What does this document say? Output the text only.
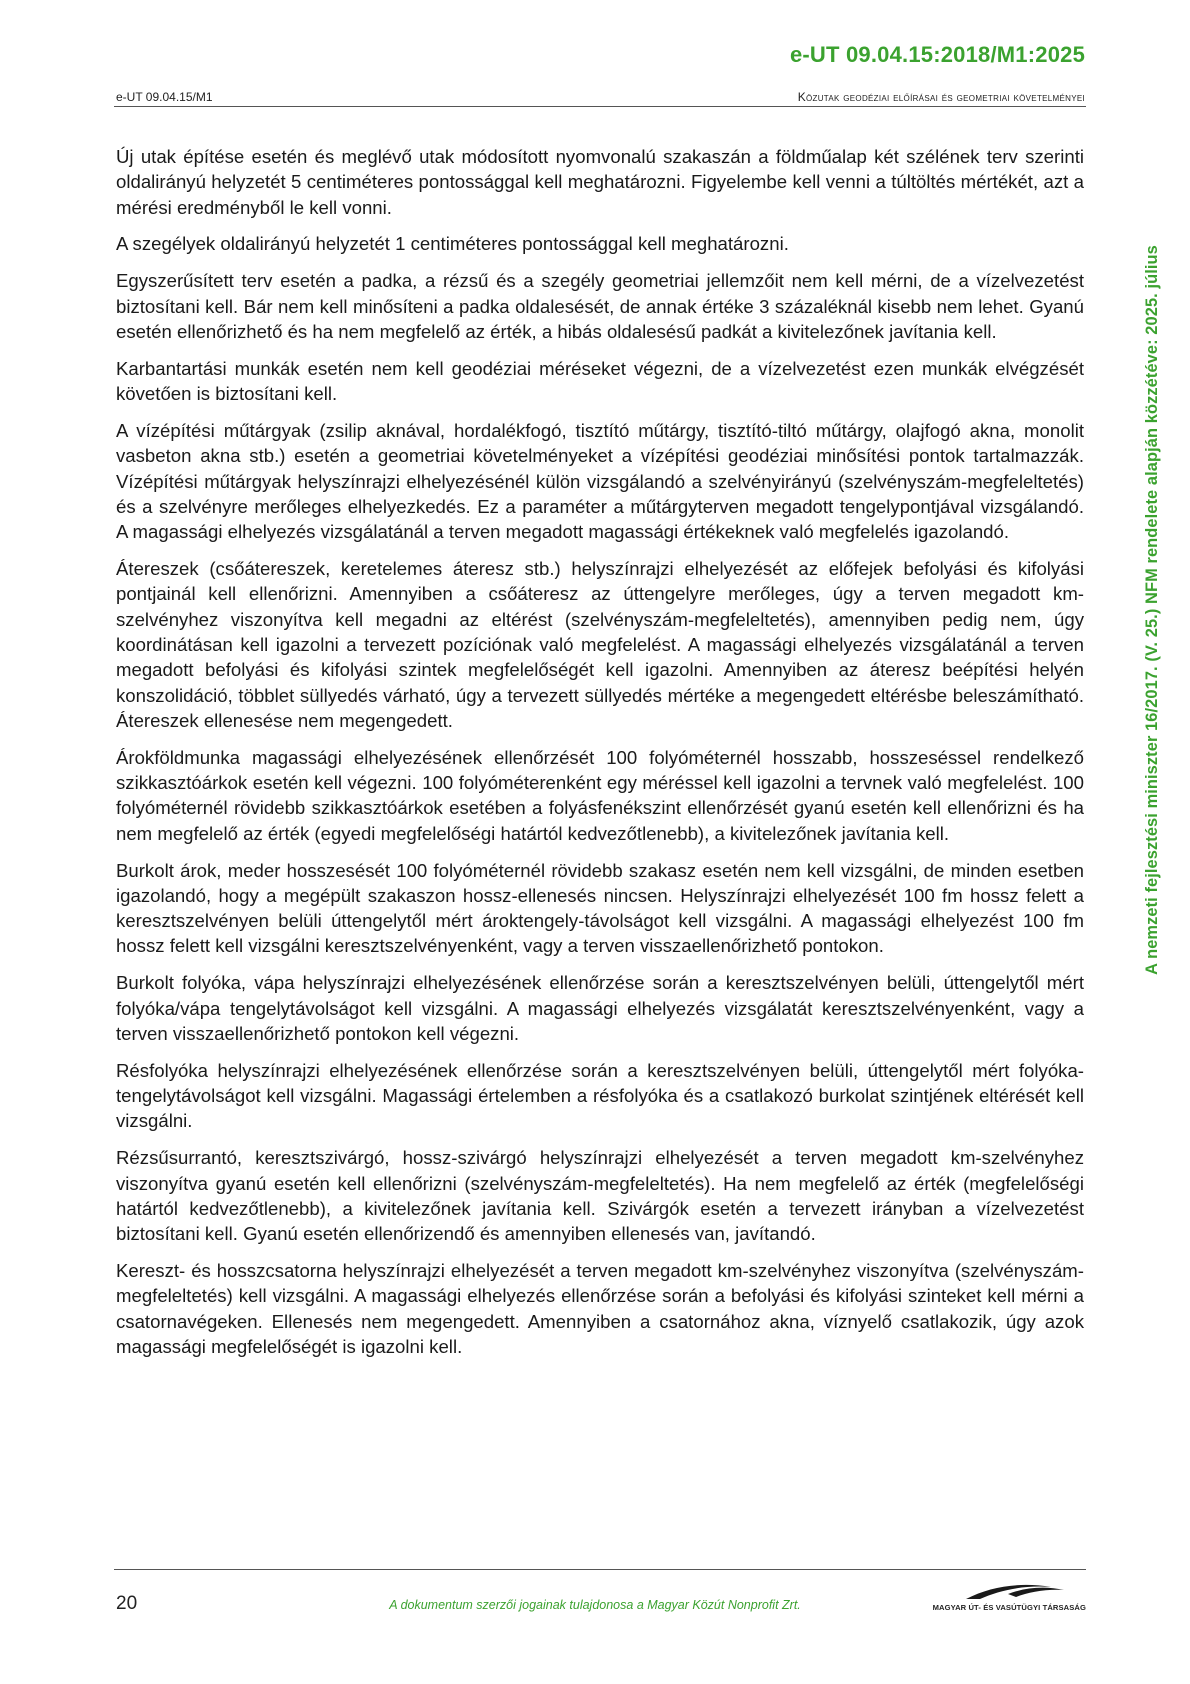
e-UT 09.04.15:2018/M1:2025
e-UT 09.04.15/M1	Közutak geodéziai előírásai és geometriai követelményei

Új utak építése esetén és meglévő utak módosított nyomvonalú szakaszán a földműalap két szélének terv szerinti oldalirányú helyzetét 5 centiméteres pontossággal kell meghatározni. Figyelembe kell venni a túltöltés mértékét, azt a mérési eredményből le kell vonni.

A szegélyek oldalirányú helyzetét 1 centiméteres pontossággal kell meghatározni.

Egyszerűsített terv esetén a padka, a rézsű és a szegély geometriai jellemzőit nem kell mérni, de a vízelvezetést biztosítani kell. Bár nem kell minősíteni a padka oldalesését, de annak értéke 3 százaléknál kisebb nem lehet. Gyanú esetén ellenőrizhető és ha nem megfelelő az érték, a hibás oldalesésű padkát a kivitelezőnek javítania kell.

Karbantartási munkák esetén nem kell geodéziai méréseket végezni, de a vízelvezetést ezen munkák elvégzését követően is biztosítani kell.

A vízépítési műtárgyak (zsilip aknával, hordalékfogó, tisztító műtárgy, tisztító-tiltó műtárgy, olajfogó akna, monolit vasbeton akna stb.) esetén a geometriai követelményeket a vízépítési geodéziai minősítési pontok tartalmazzák. Vízépítési műtárgyak helyszínrajzi elhelyezésénél külön vizsgálandó a szelvényirányú (szelvényszám-megfeleltetés) és a szelvényre merőleges elhelyezkedés. Ez a paraméter a műtárgyterven megadott tengelypontjával vizsgálandó. A magassági elhelyezés vizsgálatánál a terven megadott magassági értékeknek való megfelelés igazolandó.

Átereszek (csőátereszek, keretelemes áteresz stb.) helyszínrajzi elhelyezését az előfejek befolyási és kifolyási pontjainál kell ellenőrizni. Amennyiben a csőáteresz az úttengelyre merőleges, úgy a terven megadott km-szelvényhez viszonyítva kell megadni az eltérést (szelvényszám-megfeleltetés), amennyiben pedig nem, úgy koordinátásan kell igazolni a tervezett pozíciónak való megfelelést. A magassági elhelyezés vizsgálatánál a terven megadott befolyási és kifolyási szintek megfelelőségét kell igazolni. Amennyiben az áteresz beépítési helyén konszolidáció, többlet süllyedés várható, úgy a tervezett süllyedés mértéke a megengedett eltérésbe beleszámítható. Átereszek ellenesése nem megengedett.

Árokföldmunka magassági elhelyezésének ellenőrzését 100 folyóméternél hosszabb, hosszeséssel rendelkező szikkasztóárkok esetén kell végezni. 100 folyóméterenként egy méréssel kell igazolni a tervnek való megfelelést. 100 folyóméternél rövidebb szikkasztóárkok esetében a folyásfenékszint ellenőrzését gyanú esetén kell ellenőrizni és ha nem megfelelő az érték (egyedi megfelelőségi határtól kedvezőtlenebb), a kivitelezőnek javítania kell.

Burkolt árok, meder hosszesését 100 folyóméternél rövidebb szakasz esetén nem kell vizsgálni, de minden esetben igazolandó, hogy a megépült szakaszon hossz-ellenesés nincsen. Helyszínrajzi elhelyezését 100 fm hossz felett a keresztszelvényen belüli úttengelytől mért ároktengely-távolságot kell vizsgálni. A magassági elhelyezést 100 fm hossz felett kell vizsgálni keresztszelvényenként, vagy a terven visszaellenőrizhető pontokon.

Burkolt folyóka, vápa helyszínrajzi elhelyezésének ellenőrzése során a keresztszelvényen belüli, úttengelytől mért folyóka/vápa tengelytávolságot kell vizsgálni. A magassági elhelyezés vizsgálatát keresztszelvényenként, vagy a terven visszaellenőrizhető pontokon kell végezni.

Résfolyóka helyszínrajzi elhelyezésének ellenőrzése során a keresztszelvényen belüli, úttengelytől mért folyóka-tengelytávolságot kell vizsgálni. Magassági értelemben a résfolyóka és a csatlakozó burkolat szintjének eltérését kell vizsgálni.

Rézsűsurrantó, keresztszivárgó, hossz-szivárgó helyszínrajzi elhelyezését a terven megadott km-szelvényhez viszonyítva gyanú esetén kell ellenőrizni (szelvényszám-megfeleltetés). Ha nem megfelelő az érték (megfelelőségi határtól kedvezőtlenebb), a kivitelezőnek javítania kell. Szivárgók esetén a tervezett irányban a vízelvezetést biztosítani kell. Gyanú esetén ellenőrizendő és amennyiben ellenesés van, javítandó.

Kereszt- és hosszcsatorna helyszínrajzi elhelyezését a terven megadott km-szelvényhez viszonyítva (szelvényszám-megfeleltetés) kell vizsgálni. A magassági elhelyezés ellenőrzése során a befolyási és kifolyási szinteket kell mérni a csatornavégeken. Ellenesés nem megengedett. Amennyiben a csatornához akna, víznyelő csatlakozik, úgy azok magassági megfelelőségét is igazolni kell.

A nemzeti fejlesztési miniszter 16/2017. (V. 25.) NFM rendelete alapján közzétéve: 2025. július
20	A dokumentum szerzői jogainak tulajdonosa a Magyar Közút Nonprofit Zrt.	MAGYAR ÚT- ÉS VASÚTÜGYI TÁRSASÁG
